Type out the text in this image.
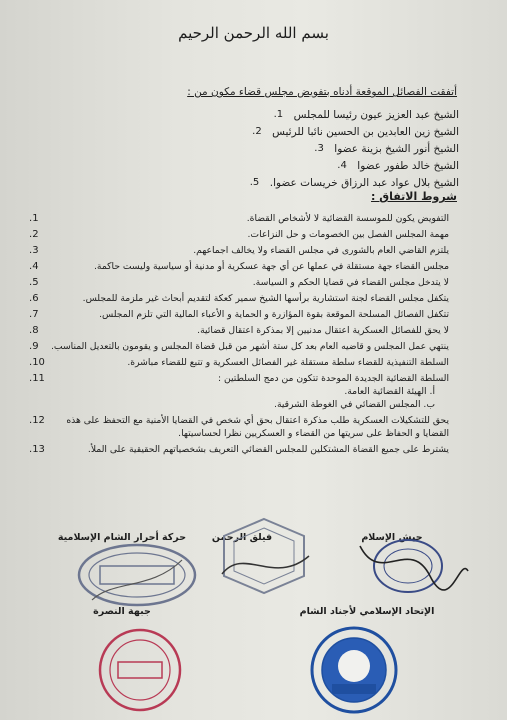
بسم الله الرحمن الرحيم
أتفقت الفصائل الموقعة أدناه بتفويض مجلس قضاء مكون من :
الشيخ عبد العزيز عيون رئيسا للمجلس
1.
الشيخ زين العابدين بن الحسين نائبا للرئيس
2.
الشيخ أنور الشيخ بزينة عضوا
3.
الشيخ خالد طفور عضوا
4.
الشيخ بلال عواد عبد الرزاق خريسات عضوا.
5.
شروط الاتفاق :
التفويض يكون للموسسة القضائية لا لأشخاص القضاة.
1.
مهمة المجلس الفصل بين الخصومات و حل النزاعات.
2.
يلتزم القاضي العام بالشورى في مجلس القضاء ولا يخالف اجماعهم.
3.
مجلس القضاء جهة مستقلة في عملها عن أي جهة عسكرية أو مدنية أو سياسية وليست حاكمة.
4.
لا يتدخل مجلس القضاء في قضايا الحكم و السياسة.
5.
يتكفل مجلس القضاء لجنة استشارية برأسها الشيخ سمير كعكة لتقديم أبحاث غير ملزمة للمجلس.
6.
تتكفل الفصائل المسلحة الموقعة بقوة المؤازرة و الحماية و الأعباء المالية التي تلزم المجلس.
7.
لا يحق للفصائل العسكرية اعتقال مدنيين إلا بمذكرة اعتقال قضائية.
8.
ينتهي عمل المجلس و قاضيه العام بعد كل ستة أشهر من قبل قضاة المجلس و يقومون بالتعديل المناسب.
9.
السلطة التنفيذية للقضاء سلطة مستقلة غير الفصائل العسكرية و تتبع للقضاء مباشرة.
10.
السلطة القضائية الجديدة الموحدة تتكون من دمج السلطتين :
أ. الهيئة القضائية العامة.
ب. المجلس القضائي في الغوطة الشرقية.
11.
يحق للتشكيلات العسكرية طلب مذكرة اعتقال بحق أي شخص في القضايا الأمنية مع التحفظ على هذه القضايا و الحفاظ على سريتها من القضاء و العسكريين نظرا لحساسيتها.
12.
يشترط على جميع القضاة المشتكلين للمجلس القضائي التعريف بشخصياتهم الحقيقية على الملأ.
13.
حركة أحرار الشام الإسلامية	فيلق الرحمن	جيش الإسلام
جبهة النصرة	الإتحاد الإسلامي لأجناد الشام
